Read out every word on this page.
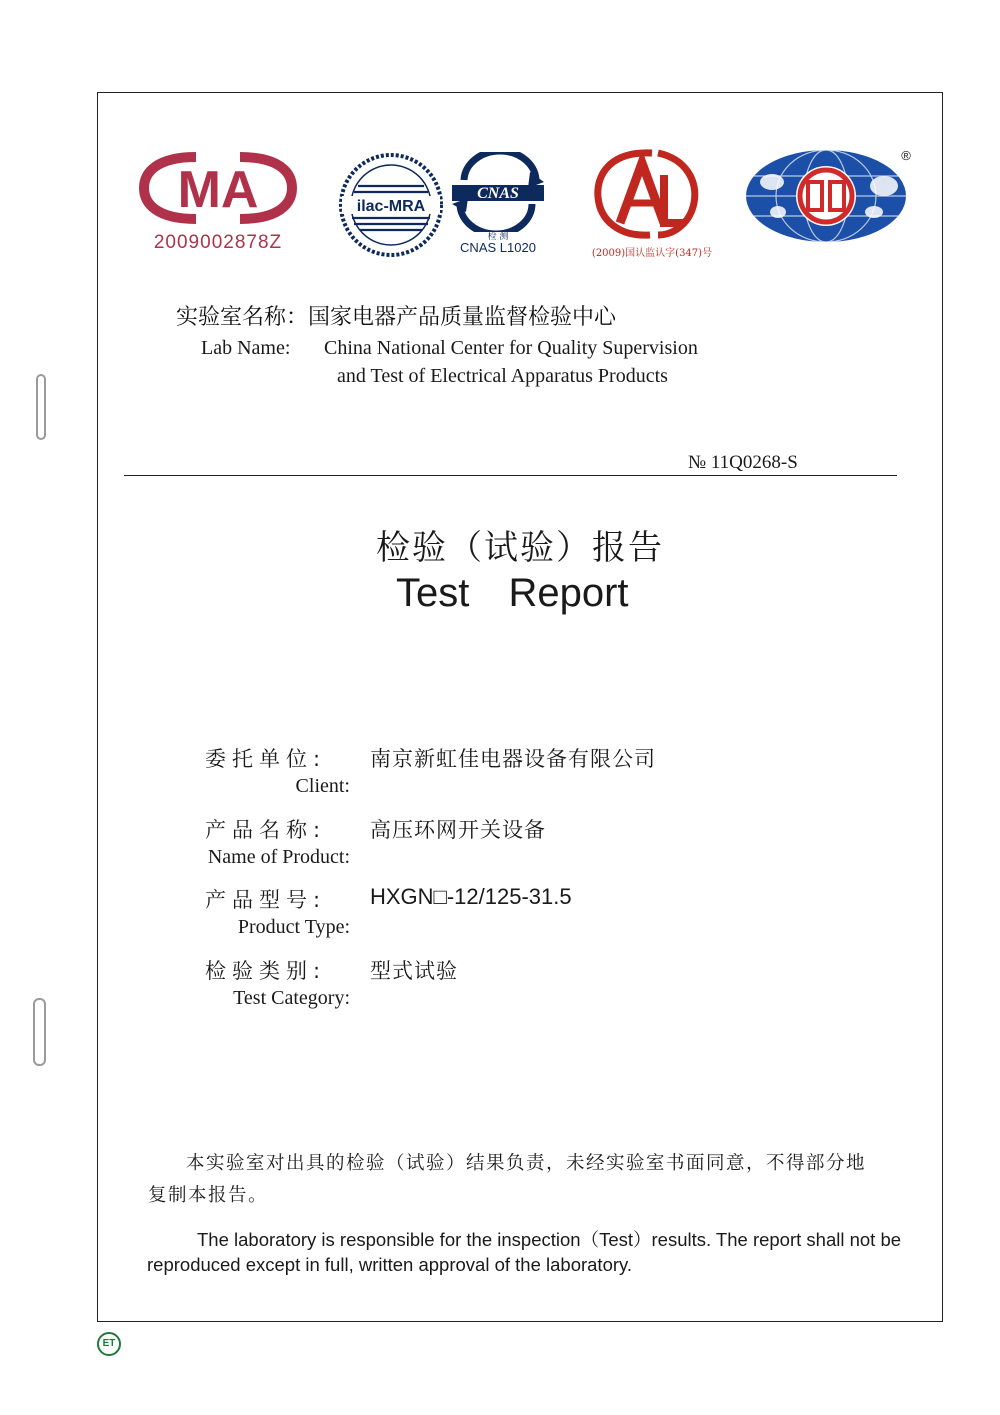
MA
2009002878Z
ilac-MRA
CNAS
检 测
CNAS L1020	(2009)国认监认字(347)号
®
实验室名称：国家电器产品质量监督检验中心
Lab Name: China National Center for Quality Supervision
and Test of Electrical Apparatus Products
№ 11Q0268-S
检验（试验）报告
Test Report
委托单位: 南京新虹佳电器设备有限公司
Client:
产品名称: 高压环网开关设备
Name of Product:
产品型号: HXGN□-12/125-31.5
Product Type:
检验类别: 型式试验
Test Category:
本实验室对出具的检验（试验）结果负责，未经实验室书面同意，不得部分地复制本报告。
The laboratory is responsible for the inspection（Test）results. The report shall not be reproduced except in full, written approval of the laboratory.
ET
